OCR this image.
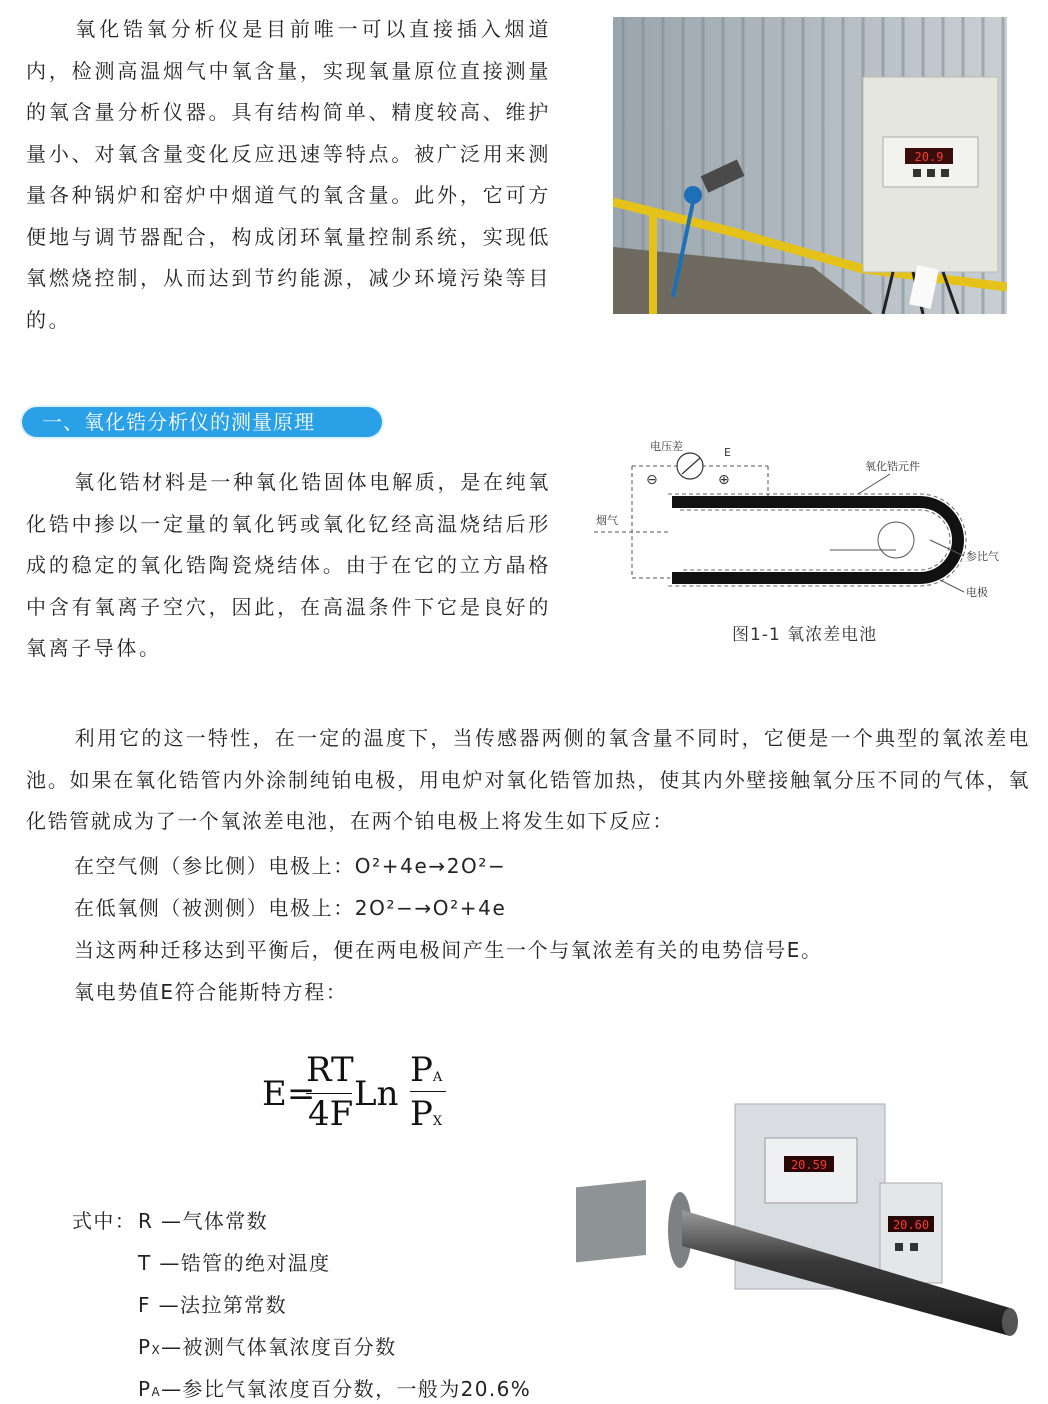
氧化锆氧分析仪是目前唯一可以直接插入烟道内，检测高温烟气中氧含量，实现氧量原位直接测量的氧含量分析仪器。具有结构简单、精度较高、维护量小、对氧含量变化反应迅速等特点。被广泛用来测量各种锅炉和窑炉中烟道气的氧含量。此外，它可方便地与调节器配合，构成闭环氧量控制系统，实现低氧燃烧控制，从而达到节约能源，减少环境污染等目的。

20.9
一、氧化锆分析仪的测量原理

氧化锆材料是一种氧化锆固体电解质，是在纯氧化锆中掺以一定量的氧化钙或氧化钇经高温烧结后形成的稳定的氧化锆陶瓷烧结体。由于在它的立方晶格中含有氧离子空穴，因此，在高温条件下它是良好的氧离子导体。

电压差	E
⊖	⊕
烟气
氧化锆元件
参比气
电极
图1-1 氧浓差电池

利用它的这一特性，在一定的温度下，当传感器两侧的氧含量不同时，它便是一个典型的氧浓差电池。如果在氧化锆管内外涂制纯铂电极，用电炉对氧化锆管加热，使其内外壁接触氧分压不同的气体，氧化锆管就成为了一个氧浓差电池，在两个铂电极上将发生如下反应：

在空气侧（参比侧）电极上：O²+4e→2O²−
在低氧侧（被测侧）电极上：2O²−→O²+4e
当这两种迁移达到平衡后，便在两电极间产生一个与氧浓差有关的电势信号E。
氧电势值E符合能斯特方程：
E=
RT
4F Ln
PA
PX
式中： R —气体常数
T —锆管的绝对温度
F —法拉第常数
PX—被测气体氧浓度百分数
PA—参比气氧浓度百分数，一般为20.6%
20.59
20.60
